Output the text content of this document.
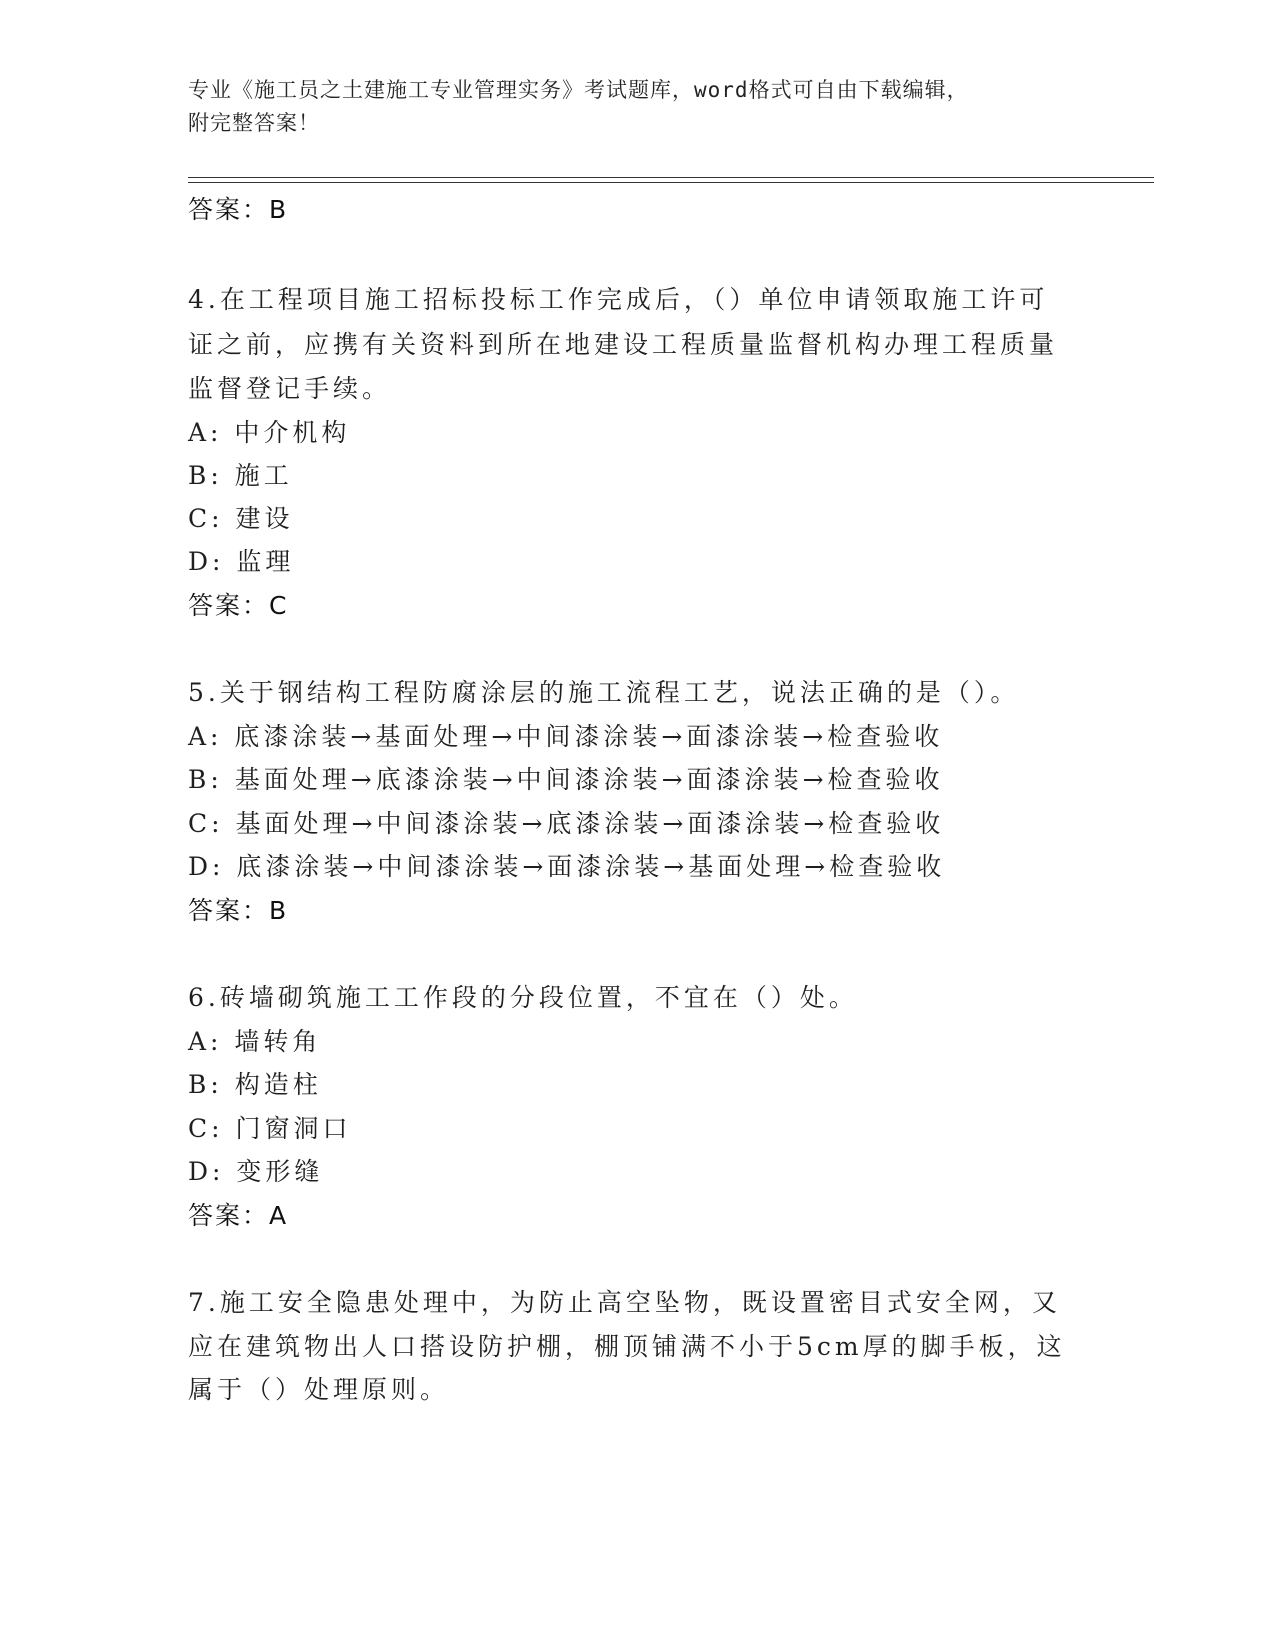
专业《施工员之土建施工专业管理实务》考试题库，word格式可自由下载编辑，
附完整答案！
答案：B
4.在工程项目施工招标投标工作完成后，（）单位申请领取施工许可
证之前，应携有关资料到所在地建设工程质量监督机构办理工程质量
监督登记手续。
A: 中介机构
B: 施工
C: 建设
D: 监理
答案：C
5.关于钢结构工程防腐涂层的施工流程工艺，说法正确的是（）。
A: 底漆涂装→基面处理→中间漆涂装→面漆涂装→检查验收
B: 基面处理→底漆涂装→中间漆涂装→面漆涂装→检查验收
C: 基面处理→中间漆涂装→底漆涂装→面漆涂装→检查验收
D: 底漆涂装→中间漆涂装→面漆涂装→基面处理→检查验收
答案：B
6.砖墙砌筑施工工作段的分段位置，不宜在（）处。
A: 墙转角
B: 构造柱
C: 门窗洞口
D: 变形缝
答案：A
7.施工安全隐患处理中，为防止高空坠物，既设置密目式安全网，又
应在建筑物出人口搭设防护棚，棚顶铺满不小于5cm厚的脚手板，这
属于（）处理原则。
